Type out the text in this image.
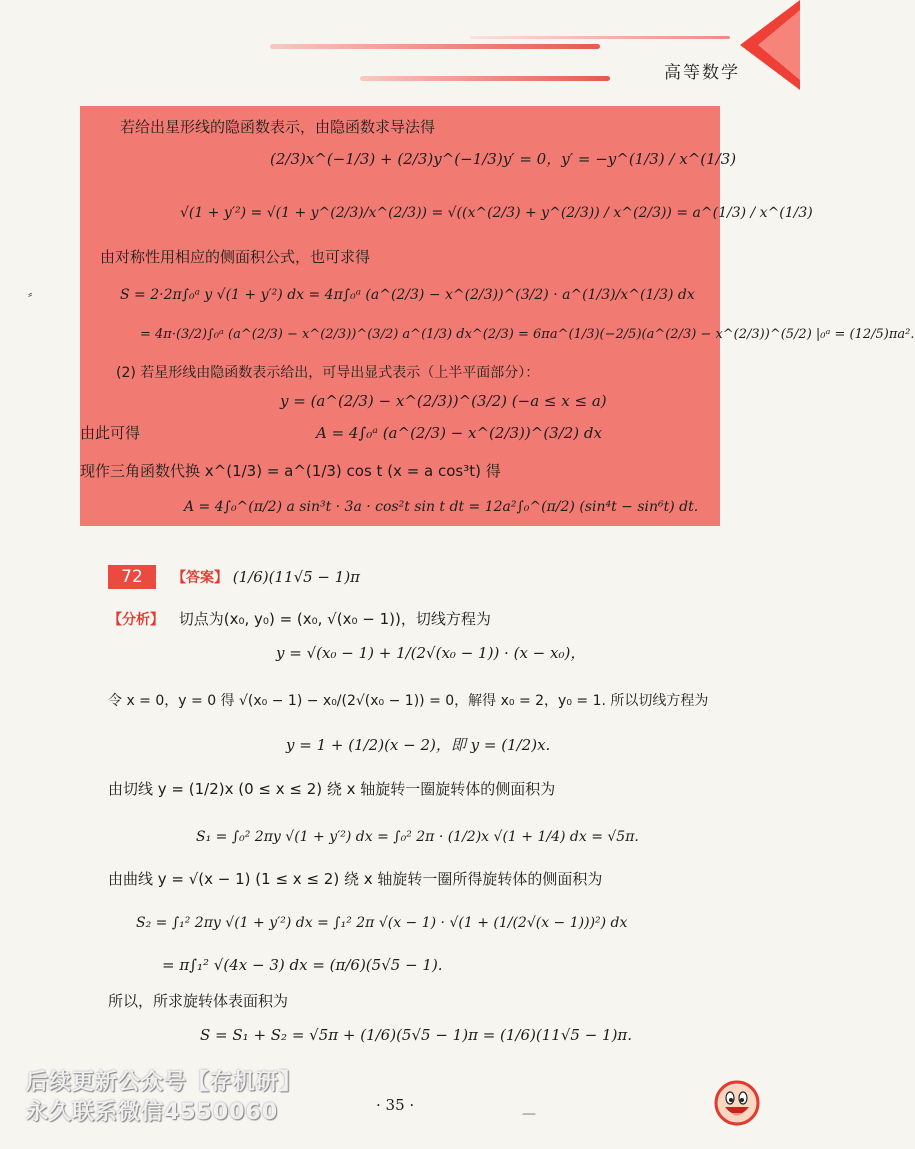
高等数学
⸗
若给出星形线的隐函数表示，由隐函数求导法得
(2/3)x^(−1/3) + (2/3)y^(−1/3)y′ = 0，y′ = −y^(1/3) / x^(1/3)
√(1 + y′²) = √(1 + y^(2/3)/x^(2/3)) = √((x^(2/3) + y^(2/3)) / x^(2/3)) = a^(1/3) / x^(1/3)
由对称性用相应的侧面积公式，也可求得
S = 2·2π∫₀ᵃ y √(1 + y′²) dx = 4π∫₀ᵃ (a^(2/3) − x^(2/3))^(3/2) · a^(1/3)/x^(1/3) dx
= 4π·(3/2)∫₀ᵃ (a^(2/3) − x^(2/3))^(3/2) a^(1/3) dx^(2/3) = 6πa^(1/3)(−2/5)(a^(2/3) − x^(2/3))^(5/2) |₀ᵃ = (12/5)πa².
(2) 若星形线由隐函数表示给出，可导出显式表示（上半平面部分）：
y = (a^(2/3) − x^(2/3))^(3/2) (−a ≤ x ≤ a)
由此可得	A = 4∫₀ᵃ (a^(2/3) − x^(2/3))^(3/2) dx
现作三角函数代换 x^(1/3) = a^(1/3) cos t (x = a cos³t) 得
A = 4∫₀^(π/2) a sin³t · 3a · cos²t sin t dt = 12a²∫₀^(π/2) (sin⁴t − sin⁶t) dt.
72	【答案】 (1/6)(11√5 − 1)π
【分析】 切点为(x₀, y₀) = (x₀, √(x₀ − 1))，切线方程为
y = √(x₀ − 1) + 1/(2√(x₀ − 1)) · (x − x₀)，
令 x = 0，y = 0 得 √(x₀ − 1) − x₀/(2√(x₀ − 1)) = 0，解得 x₀ = 2，y₀ = 1. 所以切线方程为
y = 1 + (1/2)(x − 2)，即 y = (1/2)x.
由切线 y = (1/2)x (0 ≤ x ≤ 2) 绕 x 轴旋转一圈旋转体的侧面积为
S₁ = ∫₀² 2πy √(1 + y′²) dx = ∫₀² 2π · (1/2)x √(1 + 1/4) dx = √5π.
由曲线 y = √(x − 1) (1 ≤ x ≤ 2) 绕 x 轴旋转一圈所得旋转体的侧面积为
S₂ = ∫₁² 2πy √(1 + y′²) dx = ∫₁² 2π √(x − 1) · √(1 + (1/(2√(x − 1)))²) dx
= π∫₁² √(4x − 3) dx = (π/6)(5√5 − 1).
所以，所求旋转体表面积为
S = S₁ + S₂ = √5π + (1/6)(5√5 − 1)π = (1/6)(11√5 − 1)π.
后续更新公众号【存机研】
永久联系微信4550060	· 35 ·	—
